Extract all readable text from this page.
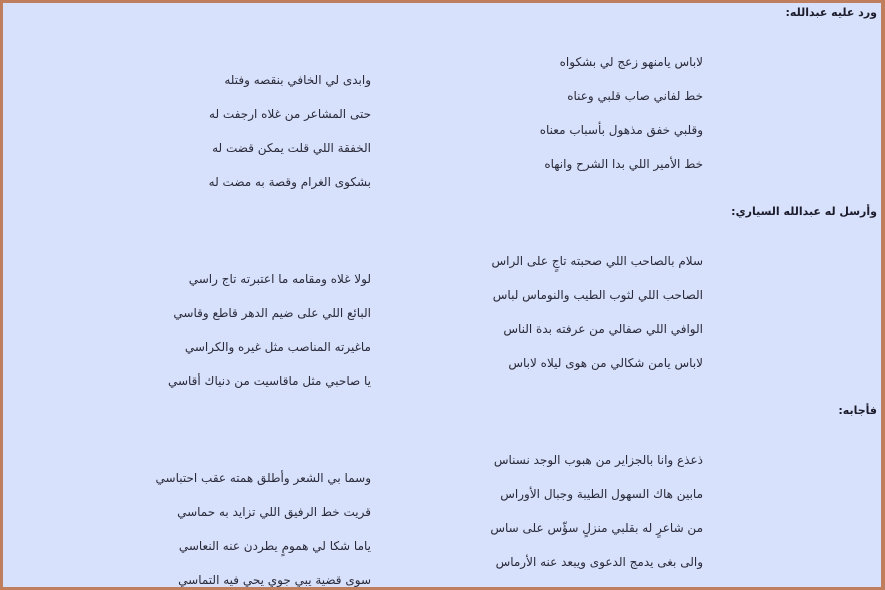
ورد عليه عبدالله:
لاباس يامنهو زعج لي بشكواه
خط لفاني صاب قلبي وعناه
وقلبي خفق مذهول بأسباب معناه
خط الأمير اللي بدا الشرح وانهاه
وابدى لي الخافي بنقصه وفتله
حتى المشاعر من غلاه ارجفت له
الخفقة اللي قلت يمكن قضت له
بشكوى الغرام وقصة به مضت له
وأرسل له عبدالله السياري:
سلام بالصاحب اللي صحبته تاجٍ على الراس
الصاحب اللي لثوب الطيب والنوماس لباس
الوافي اللي صفالي من عرفته بدة الناس
لاباس يامن شكالي من هوى ليلاه لاباس
لولا غلاه ومقامه ما اعتبرته تاج راسي
البائع اللي على ضيم الدهر قاطع وقاسي
ماغيرته المناصب مثل غيره والكراسي
يا صاحبي مثل ماقاسيت من دنياك أقاسي
فأجابه:
ذعذع وانا بالجزاير من هبوب الوجد نسناس
مابين هاك السهول الطيبة وجبال الأوراس
من شاعرٍ له بقلبي منزلٍ سؤّس على ساس
والى بغى يدمج الدعوى ويبعد عنه الأرماس
وسما بي الشعر وأطلق همته عقب احتباسي
قريت خط الرفيق اللي تزايد به حماسي
ياما شكا لي همومٍ يطردن عنه النعاسي
سوى قضية يبي جوي يحي فيه التماسي
